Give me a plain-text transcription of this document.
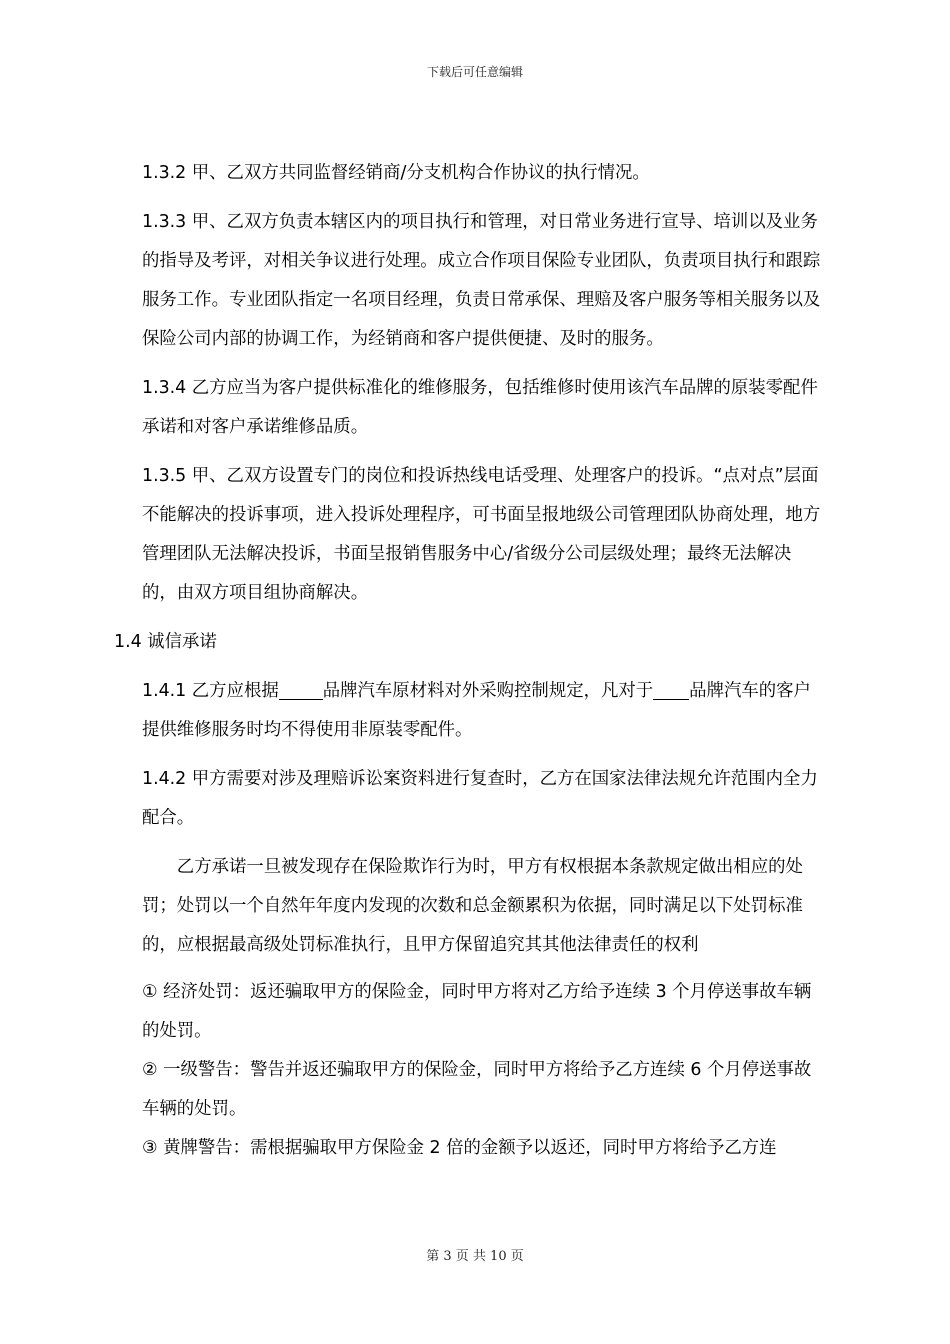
下载后可任意编辑

1.3.2 甲、乙双方共同监督经销商/分支机构合作协议的执行情况。

1.3.3 甲、乙双方负责本辖区内的项目执行和管理，对日常业务进行宣导、培训以及业务的指导及考评，对相关争议进行处理。成立合作项目保险专业团队，负责项目执行和跟踪服务工作。专业团队指定一名项目经理，负责日常承保、理赔及客户服务等相关服务以及保险公司内部的协调工作，为经销商和客户提供便捷、及时的服务。

1.3.4 乙方应当为客户提供标准化的维修服务，包括维修时使用该汽车品牌的原装零配件承诺和对客户承诺维修品质。

1.3.5 甲、乙双方设置专门的岗位和投诉热线电话受理、处理客户的投诉。“点对点”层面不能解决的投诉事项，进入投诉处理程序，可书面呈报地级公司管理团队协商处理，地方管理团队无法解决投诉，书面呈报销售服务中心/省级分公司层级处理；最终无法解决的，由双方项目组协商解决。

1.4 诚信承诺

1.4.1 乙方应根据	品牌汽车原材料对外采购控制规定，凡对于 品牌汽车的客户提供维修服务时均不得使用非原装零配件。

1.4.2 甲方需要对涉及理赔诉讼案资料进行复查时，乙方在国家法律法规允许范围内全力配合。

乙方承诺一旦被发现存在保险欺诈行为时，甲方有权根据本条款规定做出相应的处罚；处罚以一个自然年年度内发现的次数和总金额累积为依据，同时满足以下处罚标准的，应根据最高级处罚标准执行，且甲方保留追究其其他法律责任的权利

① 经济处罚：返还骗取甲方的保险金，同时甲方将对乙方给予连续 3 个月停送事故车辆的处罚。

② 一级警告：警告并返还骗取甲方的保险金，同时甲方将给予乙方连续 6 个月停送事故车辆的处罚。

③ 黄牌警告：需根据骗取甲方保险金 2 倍的金额予以返还，同时甲方将给予乙方连

第 3 页 共 10 页
